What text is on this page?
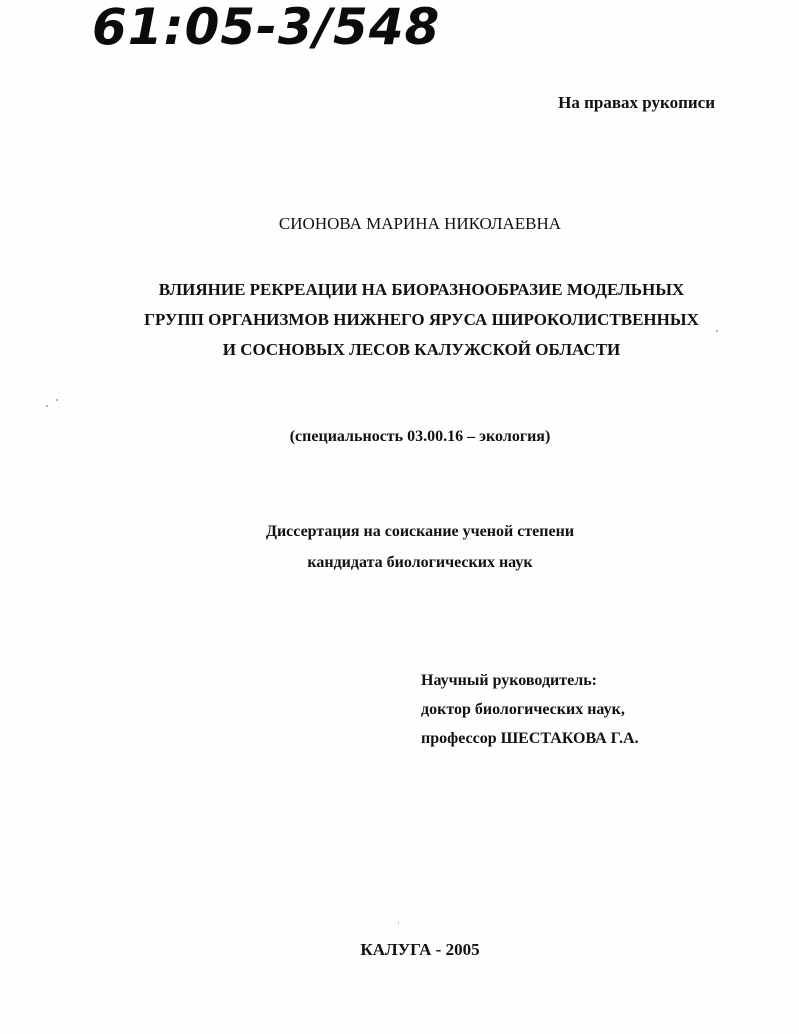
61:05-3/548
На правах рукописи
СИОНОВА МАРИНА НИКОЛАЕВНА
ВЛИЯНИЕ РЕКРЕАЦИИ НА БИОРАЗНООБРАЗИЕ МОДЕЛЬНЫХ
ГРУПП ОРГАНИЗМОВ НИЖНЕГО ЯРУСА ШИРОКОЛИСТВЕННЫХ
И СОСНОВЫХ ЛЕСОВ КАЛУЖСКОЙ ОБЛАСТИ
(специальность 03.00.16 – экология)
Диссертация на соискание ученой степени
кандидата биологических наук
Научный руководитель:
доктор биологических наук,
профессор ШЕСТАКОВА Г.А.
КАЛУГА - 2005
